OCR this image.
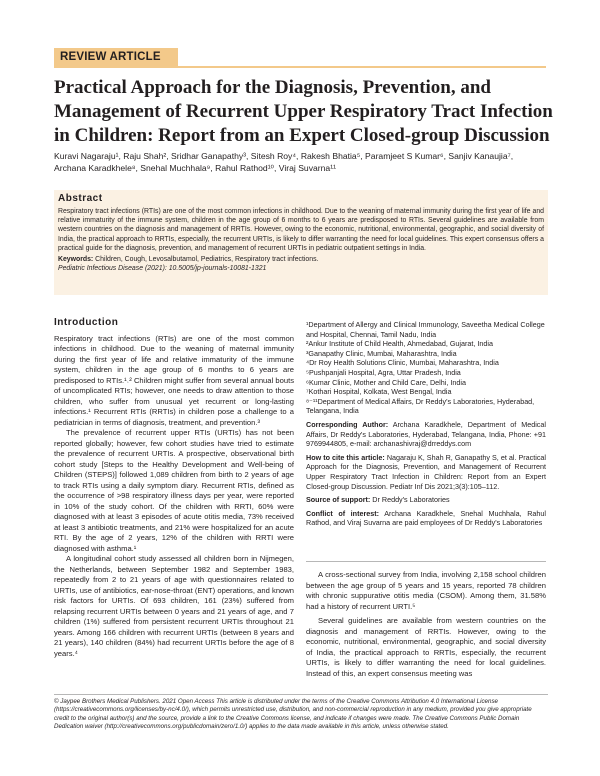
REVIEW ARTICLE
Practical Approach for the Diagnosis, Prevention, and Management of Recurrent Upper Respiratory Tract Infection in Children: Report from an Expert Closed-group Discussion
Kuravi Nagaraju¹, Raju Shah², Sridhar Ganapathy³, Sitesh Roy⁴, Rakesh Bhatia⁵, Paramjeet S Kumar⁶, Sanjiv Kanaujia⁷,
Archana Karadkhele⁸, Snehal Muchhala⁹, Rahul Rathod¹⁰, Viraj Suvarna¹¹
Abstract

Respiratory tract infections (RTIs) are one of the most common infections in childhood. Due to the weaning of maternal immunity during the first year of life and relative immaturity of the immune system, children in the age group of 6 months to 6 years are predisposed to RTIs. Several guidelines are available from western countries on the diagnosis and management of RRTIs. However, owing to the economic, nutritional, environmental, geographic, and social diversity of India, the practical approach to RRTIs, especially, the recurrent URTIs, is likely to differ warranting the need for local guidelines. This expert consensus offers a practical guide for the diagnosis, prevention, and management of recurrent URTIs in pediatric outpatient settings in India.

Keywords: Children, Cough, Levosalbutamol, Pediatrics, Respiratory tract infections.

Pediatric Infectious Disease (2021): 10.5005/jp-journals-10081-1321

Introduction

Respiratory tract infections (RTIs) are one of the most common infections in childhood. Due to the weaning of maternal immunity during the first year of life and relative immaturity of the immune system, children in the age group of 6 months to 6 years are predisposed to RTIs.¹˒² Children might suffer from several annual bouts of uncomplicated RTIs; however, one needs to draw attention to those children, who suffer from unusual yet recurrent or long-lasting infections.¹ Recurrent RTIs (RRTIs) in children pose a challenge to a pediatrician in terms of diagnosis, treatment, and prevention.³

The prevalence of recurrent upper RTIs (URTIs) has not been reported globally; however, few cohort studies have tried to estimate the prevalence of recurrent URTIs. A prospective, observational birth cohort study [Steps to the Healthy Development and Well-being of Children (STEPS)] followed 1,089 children from birth to 2 years of age to track RTIs using a daily symptom diary. Recurrent RTIs, defined as the occurrence of >98 respiratory illness days per year, were reported in 10% of the study cohort. Of the children with RRTI, 60% were diagnosed with at least 3 episodes of acute otitis media, 73% received at least 3 antibiotic treatments, and 21% were hospitalized for an acute RTI. By the age of 2 years, 12% of the children with RRTI were diagnosed with asthma.¹

A longitudinal cohort study assessed all children born in Nijmegen, the Netherlands, between September 1982 and September 1983, repeatedly from 2 to 21 years of age with questionnaires related to URTIs, use of antibiotics, ear-nose-throat (ENT) operations, and known risk factors for URTIs. Of 693 children, 161 (23%) suffered from relapsing recurrent URTIs between 0 years and 21 years of age, and 7 children (1%) suffered from persistent recurrent URTIs throughout 21 years. Among 166 children with recurrent URTIs (between 8 years and 21 years), 140 children (84%) had recurrent URTIs before the age of 8 years.⁴

¹Department of Allergy and Clinical Immunology, Saveetha Medical College and Hospital, Chennai, Tamil Nadu, India
²Ankur Institute of Child Health, Ahmedabad, Gujarat, India
³Ganapathy Clinic, Mumbai, Maharashtra, India
⁴Dr Roy Health Solutions Clinic, Mumbai, Maharashtra, India
⁵Pushpanjali Hospital, Agra, Uttar Pradesh, India
⁶Kumar Clinic, Mother and Child Care, Delhi, India
⁷Kothari Hospital, Kolkata, West Bengal, India
⁸⁻¹¹Department of Medical Affairs, Dr Reddy's Laboratories, Hyderabad, Telangana, India

Corresponding Author: Archana Karadkhele, Department of Medical Affairs, Dr Reddy's Laboratories, Hyderabad, Telangana, India, Phone: +91 9769944805, e-mail: archanashivraj@drreddys.com

How to cite this article: Nagaraju K, Shah R, Ganapathy S, et al. Practical Approach for the Diagnosis, Prevention, and Management of Recurrent Upper Respiratory Tract Infection in Children: Report from an Expert Closed-group Discussion. Pediatr Inf Dis 2021;3(3):105–112.

Source of support: Dr Reddy's Laboratories

Conflict of interest: Archana Karadkhele, Snehal Muchhala, Rahul Rathod, and Viraj Suvarna are paid employees of Dr Reddy's Laboratories

A cross-sectional survey from India, involving 2,158 school children between the age group of 5 years and 15 years, reported 78 children with chronic suppurative otitis media (CSOM). Among them, 31.58% had a history of recurrent URTI.⁵

Several guidelines are available from western countries on the diagnosis and management of RRTIs. However, owing to the economic, nutritional, environmental, geographic, and social diversity of India, the practical approach to RRTIs, especially, the recurrent URTIs, is likely to differ warranting the need for local guidelines. Instead of this, an expert consensus meeting was

© Jaypee Brothers Medical Publishers. 2021 Open Access This article is distributed under the terms of the Creative Commons Attribution 4.0 International License (https://creativecommons.org/licenses/by-nc/4.0/), which permits unrestricted use, distribution, and non-commercial reproduction in any medium, provided you give appropriate credit to the original author(s) and the source, provide a link to the Creative Commons license, and indicate if changes were made. The Creative Commons Public Domain Dedication waiver (http://creativecommons.org/publicdomain/zero/1.0/) applies to the data made available in this article, unless otherwise stated.
